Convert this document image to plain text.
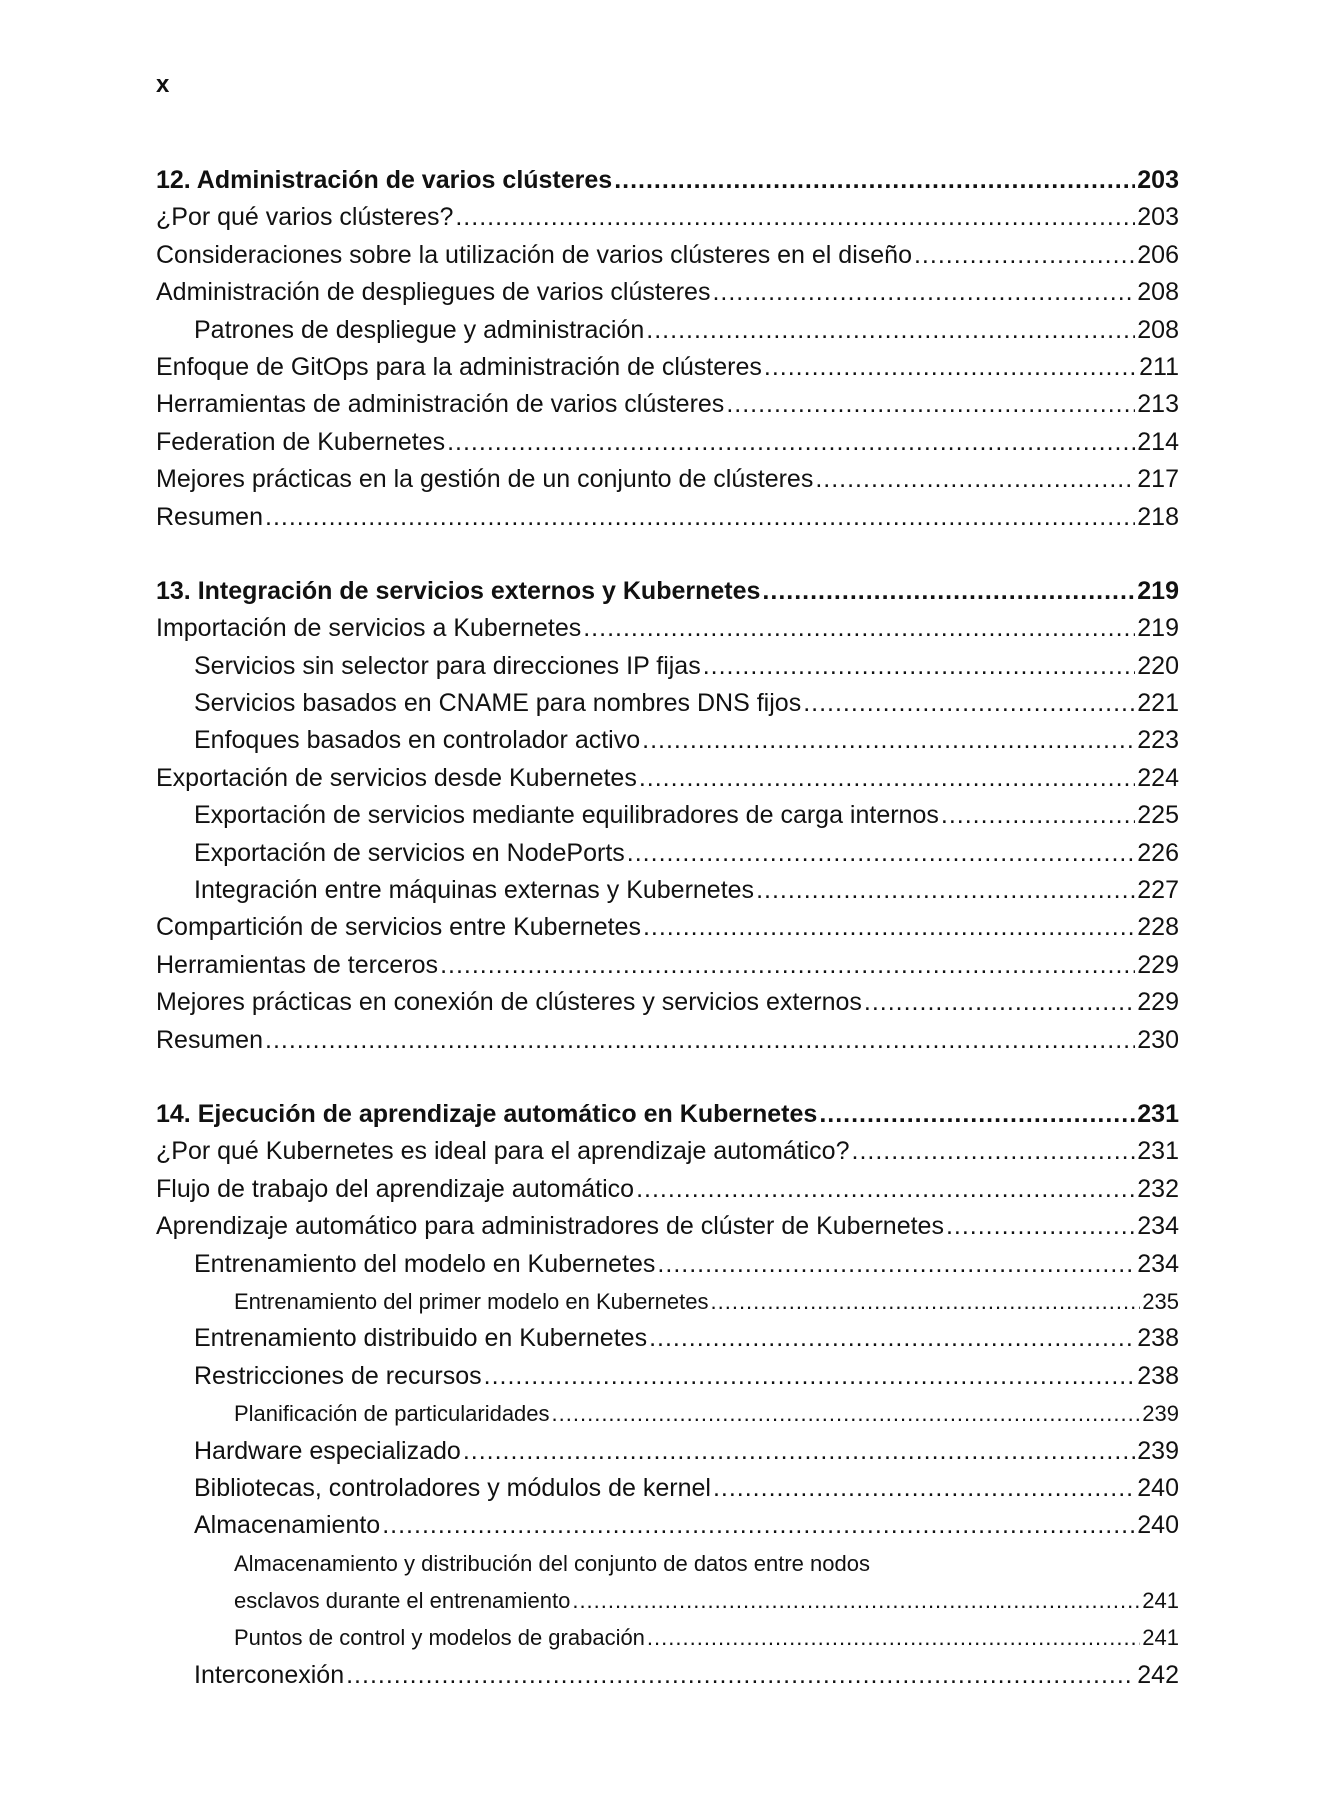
x
12. Administración de varios clústeres .....	203
¿Por qué varios clústeres? .....	203
Consideraciones sobre la utilización de varios clústeres en el diseño .....	206
Administración de despliegues de varios clústeres .....	208
Patrones de despliegue y administración .....	208
Enfoque de GitOps para la administración de clústeres .....	211
Herramientas de administración de varios clústeres .....	213
Federation de Kubernetes .....	214
Mejores prácticas en la gestión de un conjunto de clústeres .....	217
Resumen .....	218
13. Integración de servicios externos y Kubernetes .....	219
Importación de servicios a Kubernetes .....	219
Servicios sin selector para direcciones IP fijas .....	220
Servicios basados en CNAME para nombres DNS fijos .....	221
Enfoques basados en controlador activo .....	223
Exportación de servicios desde Kubernetes .....	224
Exportación de servicios mediante equilibradores de carga internos .....	225
Exportación de servicios en NodePorts .....	226
Integración entre máquinas externas y Kubernetes .....	227
Compartición de servicios entre Kubernetes .....	228
Herramientas de terceros .....	229
Mejores prácticas en conexión de clústeres y servicios externos .....	229
Resumen .....	230
14. Ejecución de aprendizaje automático en Kubernetes .....	231
¿Por qué Kubernetes es ideal para el aprendizaje automático? .....	231
Flujo de trabajo del aprendizaje automático .....	232
Aprendizaje automático para administradores de clúster de Kubernetes .....	234
Entrenamiento del modelo en Kubernetes .....	234
Entrenamiento del primer modelo en Kubernetes .....	235
Entrenamiento distribuido en Kubernetes .....	238
Restricciones de recursos .....	238
Planificación de particularidades .....	239
Hardware especializado .....	239
Bibliotecas, controladores y módulos de kernel .....	240
Almacenamiento .....	240
Almacenamiento y distribución del conjunto de datos entre nodos
esclavos durante el entrenamiento .....	241
Puntos de control y modelos de grabación .....	241
Interconexión .....	242
